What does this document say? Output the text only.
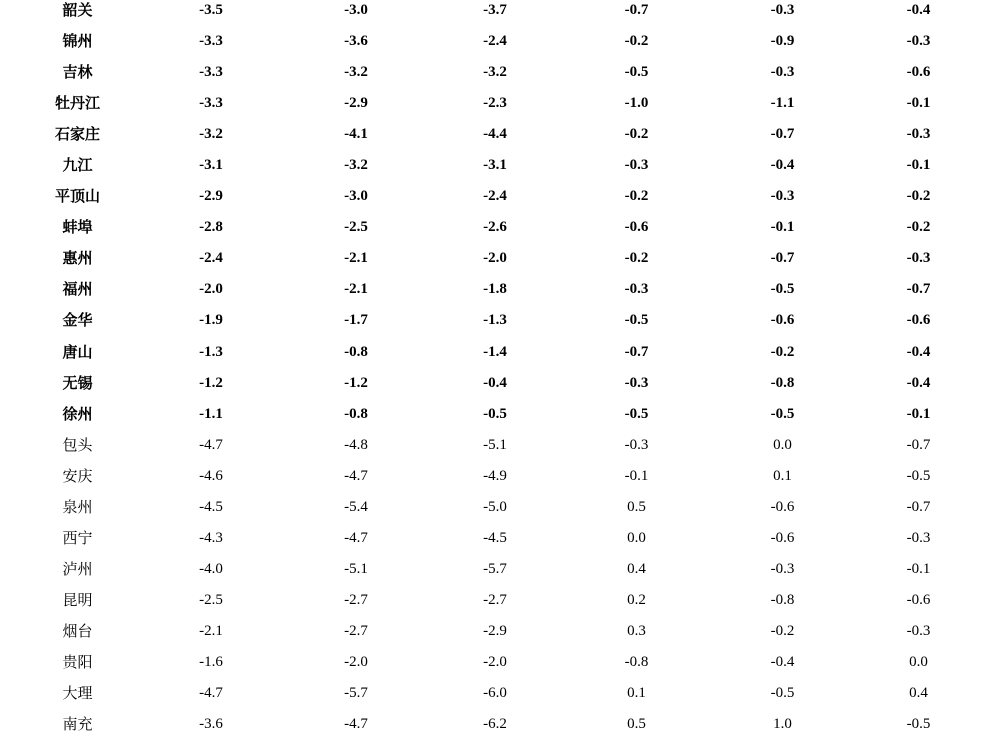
韶关	-3.5	-3.0	-3.7	-0.7	-0.3	-0.4
锦州	-3.3	-3.6	-2.4	-0.2	-0.9	-0.3
吉林	-3.3	-3.2	-3.2	-0.5	-0.3	-0.6
牡丹江	-3.3	-2.9	-2.3	-1.0	-1.1	-0.1
石家庄	-3.2	-4.1	-4.4	-0.2	-0.7	-0.3
九江	-3.1	-3.2	-3.1	-0.3	-0.4	-0.1
平顶山	-2.9	-3.0	-2.4	-0.2	-0.3	-0.2
蚌埠	-2.8	-2.5	-2.6	-0.6	-0.1	-0.2
惠州	-2.4	-2.1	-2.0	-0.2	-0.7	-0.3
福州	-2.0	-2.1	-1.8	-0.3	-0.5	-0.7
金华	-1.9	-1.7	-1.3	-0.5	-0.6	-0.6
唐山	-1.3	-0.8	-1.4	-0.7	-0.2	-0.4
无锡	-1.2	-1.2	-0.4	-0.3	-0.8	-0.4
徐州	-1.1	-0.8	-0.5	-0.5	-0.5	-0.1
包头	-4.7	-4.8	-5.1	-0.3	0.0	-0.7
安庆	-4.6	-4.7	-4.9	-0.1	0.1	-0.5
泉州	-4.5	-5.4	-5.0	0.5	-0.6	-0.7
西宁	-4.3	-4.7	-4.5	0.0	-0.6	-0.3
泸州	-4.0	-5.1	-5.7	0.4	-0.3	-0.1
昆明	-2.5	-2.7	-2.7	0.2	-0.8	-0.6
烟台	-2.1	-2.7	-2.9	0.3	-0.2	-0.3
贵阳	-1.6	-2.0	-2.0	-0.8	-0.4	0.0
大理	-4.7	-5.7	-6.0	0.1	-0.5	0.4
南充	-3.6	-4.7	-6.2	0.5	1.0	-0.5
